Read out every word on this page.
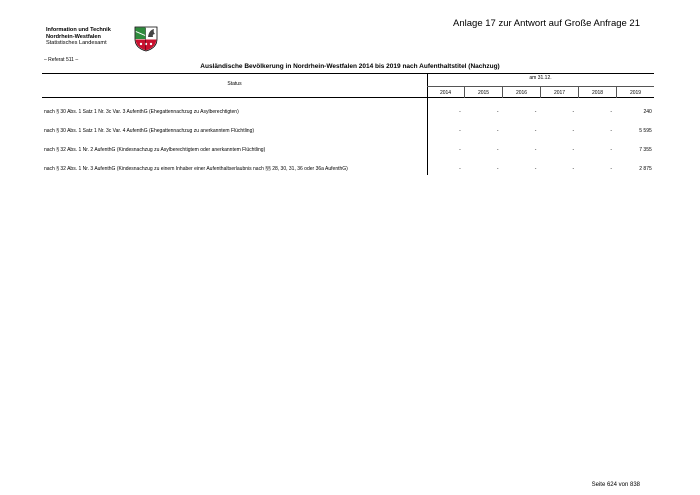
Information und Technik
Nordrhein-Westfalen
Statistisches Landesamt
Anlage 17 zur Antwort auf Große Anfrage 21
– Referat 511 –
Ausländische Bevölkerung in Nordrhein-Westfalen 2014 bis 2019 nach Aufenthaltstitel (Nachzug)
Status
am 31.12.
2014	2015	2016	2017	2018	2019
nach § 30 Abs. 1 Satz 1 Nr. 3c Var. 3 AufenthG (Ehegattennachzug zu Asylberechtigten)	-	-	-	-	-	240
nach § 30 Abs. 1 Satz 1 Nr. 3c Var. 4 AufenthG (Ehegattennachzug zu anerkanntem Flüchtling)	-	-	-	-	-	5 595
nach § 32 Abs. 1 Nr. 2 AufenthG (Kindesnachzug zu Asylberechtigtem oder anerkanntem Flüchtling)	-	-	-	-	-	7 355
nach § 32 Abs. 1 Nr. 3 AufenthG (Kindesnachzug zu einem Inhaber einer Aufenthaltserlaubnis nach §§ 28, 30, 31, 36 oder 36a AufenthG)	-	-	-	-	-	2 875
Seite 624 von 838
